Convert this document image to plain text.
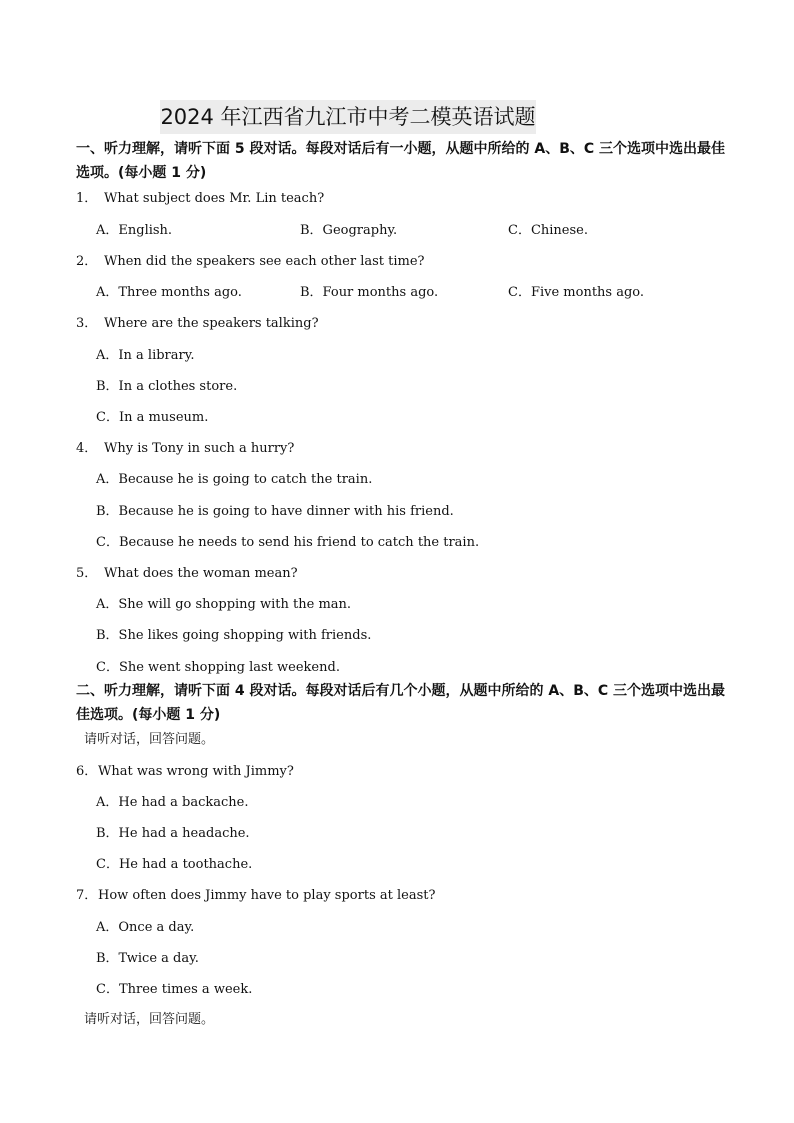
2024 年江西省九江市中考二模英语试题
一、听力理解，请听下面 5 段对话。每段对话后有一小题，从题中所给的 A、B、C 三个选项中选出最佳选项。(每小题 1 分)
1． What subject does Mr. Lin teach?
A．English.	B．Geography.	C．Chinese.
2． When did the speakers see each other last time?
A．Three months ago.	B．Four months ago.	C．Five months ago.
3． Where are the speakers talking?
A．In a library.
B．In a clothes store.
C．In a museum.
4． Why is Tony in such a hurry?
A．Because he is going to catch the train.
B．Because he is going to have dinner with his friend.
C．Because he needs to send his friend to catch the train.
5． What does the woman mean?
A．She will go shopping with the man.
B．She likes going shopping with friends.
C．She went shopping last weekend.
二、听力理解，请听下面 4 段对话。每段对话后有几个小题，从题中所给的 A、B、C 三个选项中选出最佳选项。(每小题 1 分)
请听对话，回答问题。
6．What was wrong with Jimmy?
A．He had a backache.
B．He had a headache.
C．He had a toothache.
7．How often does Jimmy have to play sports at least?
A．Once a day.
B．Twice a day.
C．Three times a week.
请听对话，回答问题。
